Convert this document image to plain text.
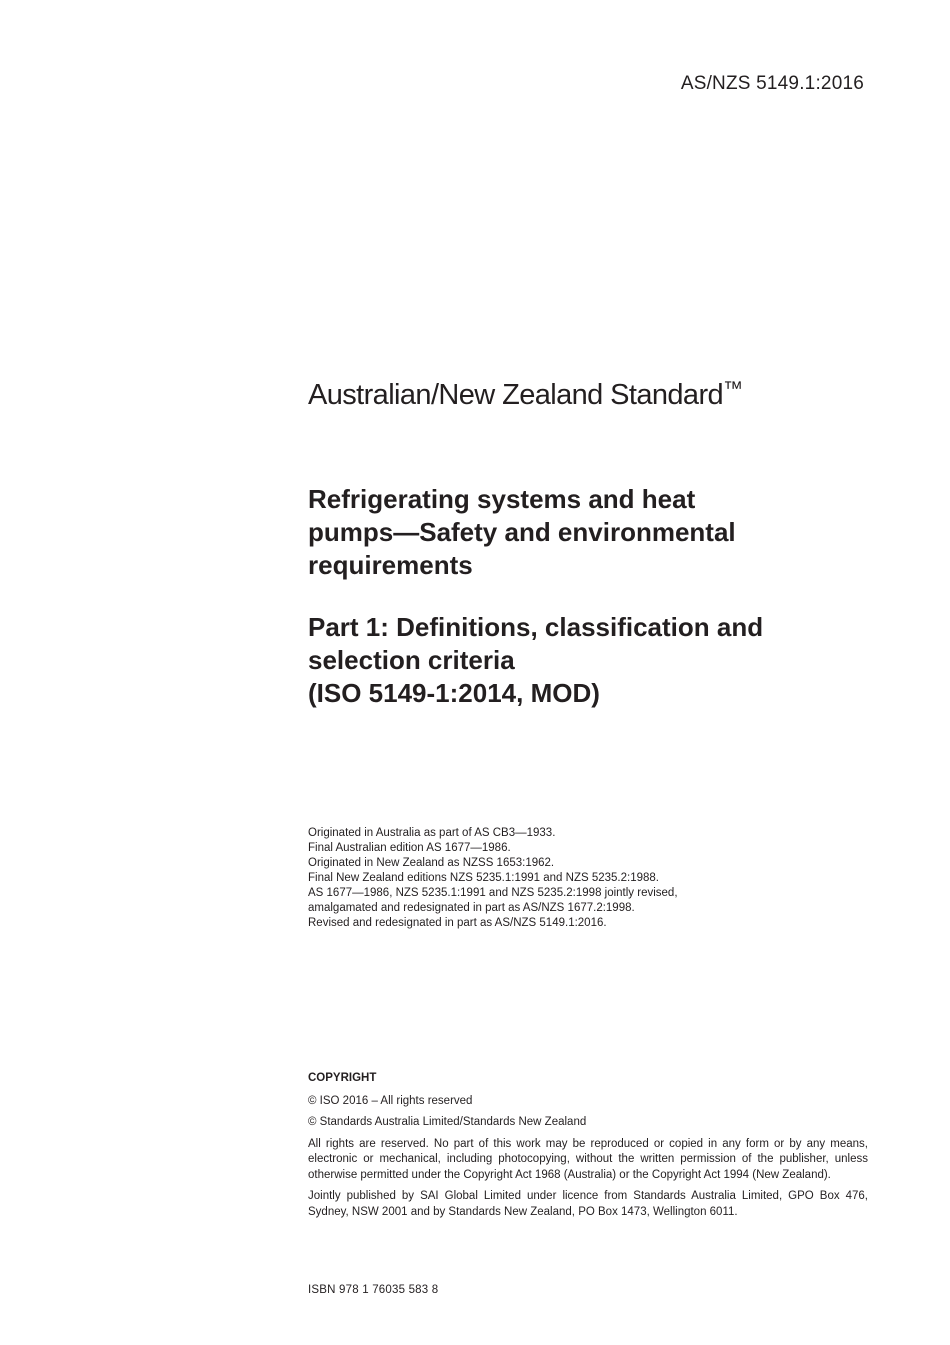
AS/NZS 5149.1:2016
Australian/New Zealand Standard™
Refrigerating systems and heat
pumps—Safety and environmental
requirements
Part 1: Definitions, classification and
selection criteria
(ISO 5149-1:2014, MOD)
Originated in Australia as part of AS CB3—1933.
Final Australian edition AS 1677—1986.
Originated in New Zealand as NZSS 1653:1962.
Final New Zealand editions NZS 5235.1:1991 and NZS 5235.2:1988.
AS 1677—1986, NZS 5235.1:1991 and NZS 5235.2:1998 jointly revised,
amalgamated and redesignated in part as AS/NZS 1677.2:1998.
Revised and redesignated in part as AS/NZS 5149.1:2016.

COPYRIGHT

© ISO 2016 – All rights reserved

© Standards Australia Limited/Standards New Zealand

All rights are reserved. No part of this work may be reproduced or copied in any form or by any means, electronic or mechanical, including photocopying, without the written permission of the publisher, unless otherwise permitted under the Copyright Act 1968 (Australia) or the Copyright Act 1994 (New Zealand).

Jointly published by SAI Global Limited under licence from Standards Australia Limited, GPO Box 476, Sydney, NSW 2001 and by Standards New Zealand, PO Box 1473, Wellington 6011.

ISBN 978 1 76035 583 8
